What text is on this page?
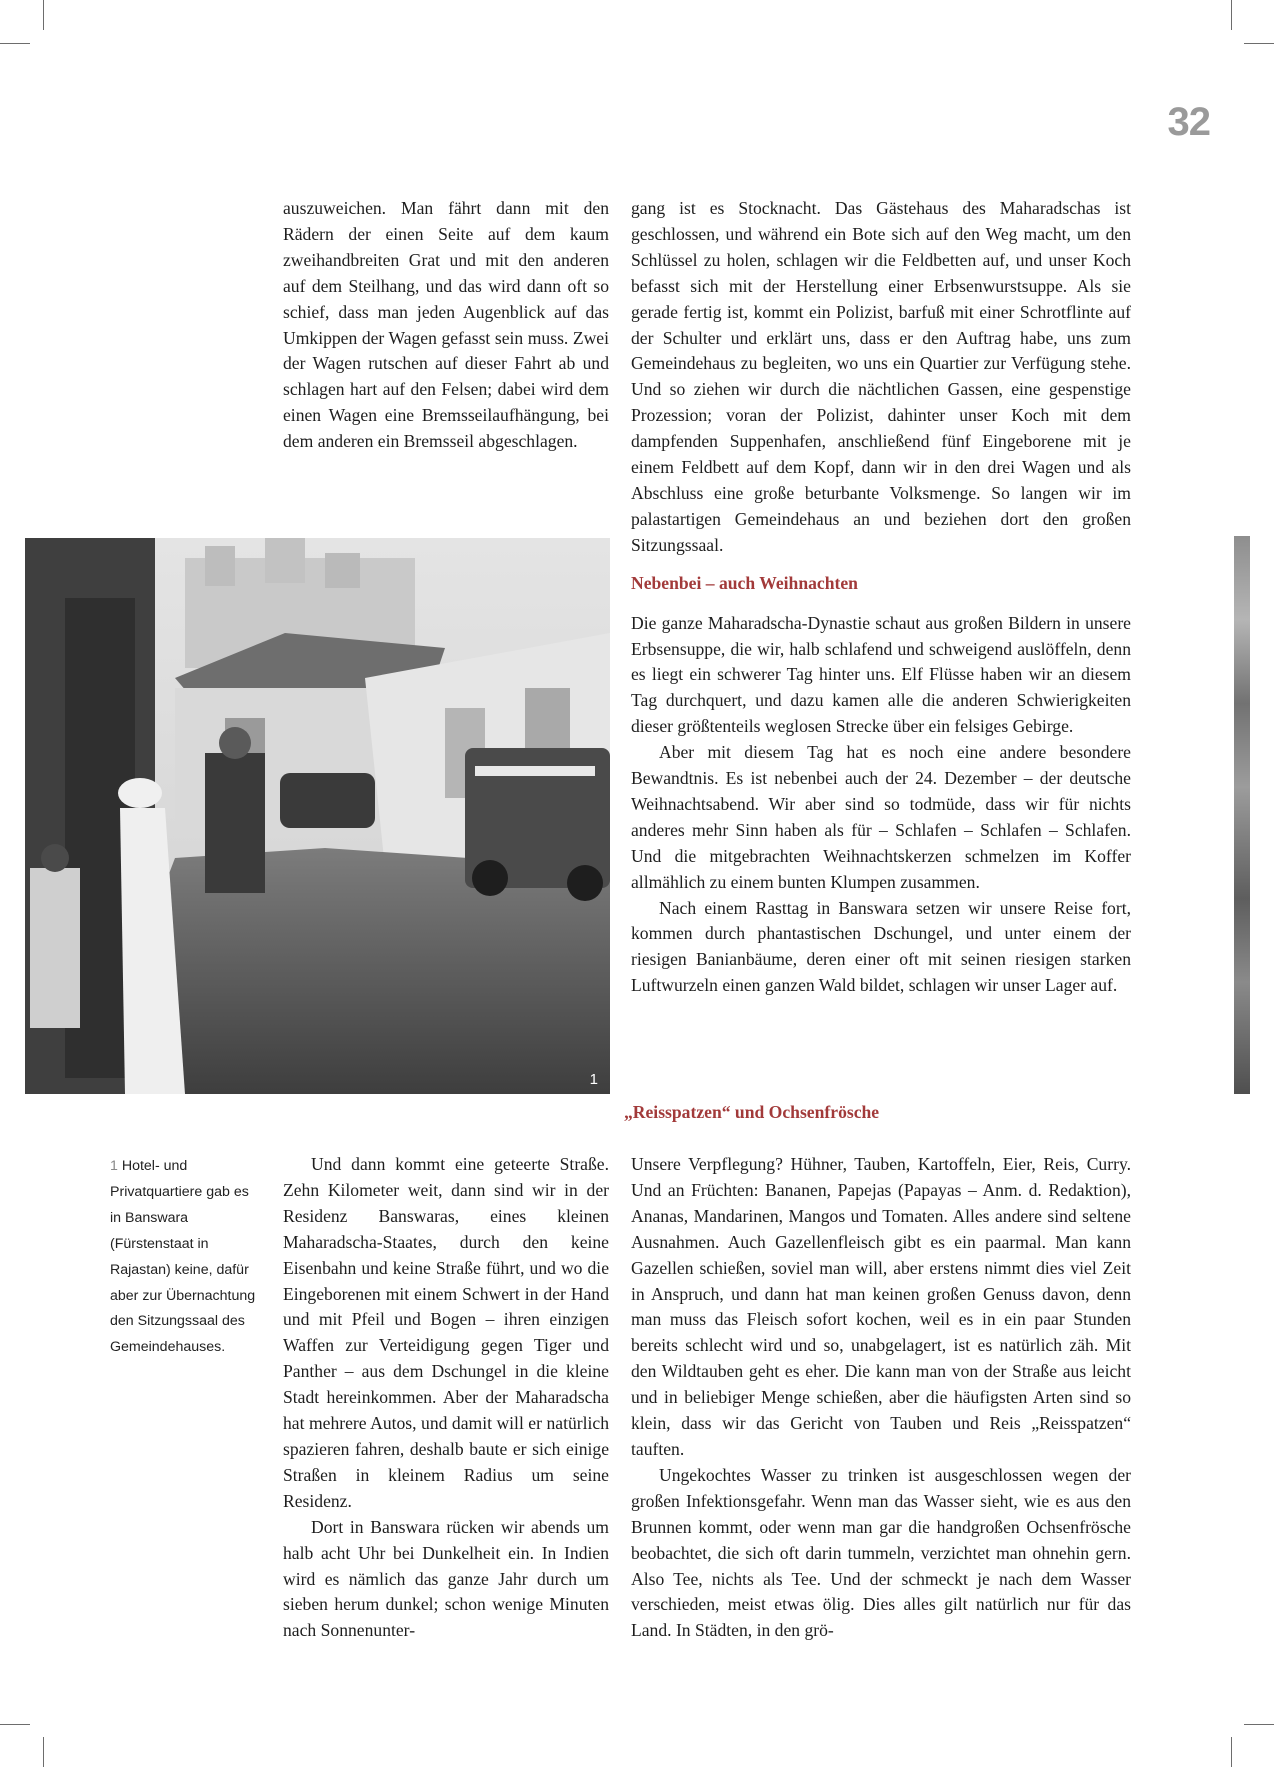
32

auszuweichen. Man fährt dann mit den Rädern der einen Seite auf dem kaum zweihandbreiten Grat und mit den anderen auf dem Steilhang, und das wird dann oft so schief, dass man jeden Augenblick auf das Umkippen der Wagen gefasst sein muss. Zwei der Wagen rutschen auf dieser Fahrt ab und schlagen hart auf den Felsen; dabei wird dem einen Wagen eine Bremsseilaufhängung, bei dem anderen ein Bremsseil abgeschlagen.

gang ist es Stocknacht. Das Gästehaus des Maharadschas ist geschlossen, und während ein Bote sich auf den Weg macht, um den Schlüssel zu holen, schlagen wir die Feldbetten auf, und unser Koch befasst sich mit der Herstellung einer Erbsenwurstsuppe. Als sie gerade fertig ist, kommt ein Polizist, barfuß mit einer Schrotflinte auf der Schulter und erklärt uns, dass er den Auftrag habe, uns zum Gemeindehaus zu begleiten, wo uns ein Quartier zur Verfügung stehe. Und so ziehen wir durch die nächtlichen Gassen, eine gespenstige Prozession; voran der Polizist, dahinter unser Koch mit dem dampfenden Suppenhafen, anschließend fünf Eingeborene mit je einem Feldbett auf dem Kopf, dann wir in den drei Wagen und als Abschluss eine große beturbante Volksmenge. So langen wir im palastartigen Gemeindehaus an und beziehen dort den großen Sitzungssaal.

Nebenbei – auch Weihnachten

Die ganze Maharadscha-Dynastie schaut aus großen Bildern in unsere Erbsensuppe, die wir, halb schlafend und schweigend auslöffeln, denn es liegt ein schwerer Tag hinter uns. Elf Flüsse haben wir an diesem Tag durchquert, und dazu kamen alle die anderen Schwierigkeiten dieser größtenteils weglosen Strecke über ein felsiges Gebirge.

Aber mit diesem Tag hat es noch eine andere besondere Bewandtnis. Es ist nebenbei auch der 24. Dezember – der deutsche Weihnachtsabend. Wir aber sind so todmüde, dass wir für nichts anderes mehr Sinn haben als für – Schlafen – Schlafen – Schlafen. Und die mitgebrachten Weihnachtskerzen schmelzen im Koffer allmählich zu einem bunten Klumpen zusammen.

Nach einem Rasttag in Banswara setzen wir unsere Reise fort, kommen durch phantastischen Dschungel, und unter einem der riesigen Banianbäume, deren einer oft mit seinen riesigen starken Luftwurzeln einen ganzen Wald bildet, schlagen wir unser Lager auf.

1
„Reisspatzen“ und Ochsenfrösche
1 Hotel- und Privatquartiere gab es in Banswara (Fürstenstaat in Rajastan) keine, dafür aber zur Übernachtung den Sitzungssaal des Gemeindehauses.

Und dann kommt eine geteerte Straße. Zehn Kilometer weit, dann sind wir in der Residenz Banswaras, eines kleinen Maharadscha-Staates, durch den keine Eisenbahn und keine Straße führt, und wo die Eingeborenen mit einem Schwert in der Hand und mit Pfeil und Bogen – ihren einzigen Waffen zur Verteidigung gegen Tiger und Panther – aus dem Dschungel in die kleine Stadt hereinkommen. Aber der Maharadscha hat mehrere Autos, und damit will er natürlich spazieren fahren, deshalb baute er sich einige Straßen in kleinem Radius um seine Residenz.

Dort in Banswara rücken wir abends um halb acht Uhr bei Dunkelheit ein. In Indien wird es nämlich das ganze Jahr durch um sieben herum dunkel; schon wenige Minuten nach Sonnenunter-

Unsere Verpflegung? Hühner, Tauben, Kartoffeln, Eier, Reis, Curry. Und an Früchten: Bananen, Papejas (Papayas – Anm. d. Redaktion), Ananas, Mandarinen, Mangos und Tomaten. Alles andere sind seltene Ausnahmen. Auch Gazellenfleisch gibt es ein paarmal. Man kann Gazellen schießen, soviel man will, aber erstens nimmt dies viel Zeit in Anspruch, und dann hat man keinen großen Genuss davon, denn man muss das Fleisch sofort kochen, weil es in ein paar Stunden bereits schlecht wird und so, unabgelagert, ist es natürlich zäh. Mit den Wildtauben geht es eher. Die kann man von der Straße aus leicht und in beliebiger Menge schießen, aber die häufigsten Arten sind so klein, dass wir das Gericht von Tauben und Reis „Reisspatzen“ tauften.

Ungekochtes Wasser zu trinken ist ausgeschlossen wegen der großen Infektionsgefahr. Wenn man das Wasser sieht, wie es aus den Brunnen kommt, oder wenn man gar die handgroßen Ochsenfrösche beobachtet, die sich oft darin tummeln, verzichtet man ohnehin gern. Also Tee, nichts als Tee. Und der schmeckt je nach dem Wasser verschieden, meist etwas ölig. Dies alles gilt natürlich nur für das Land. In Städten, in den grö-
